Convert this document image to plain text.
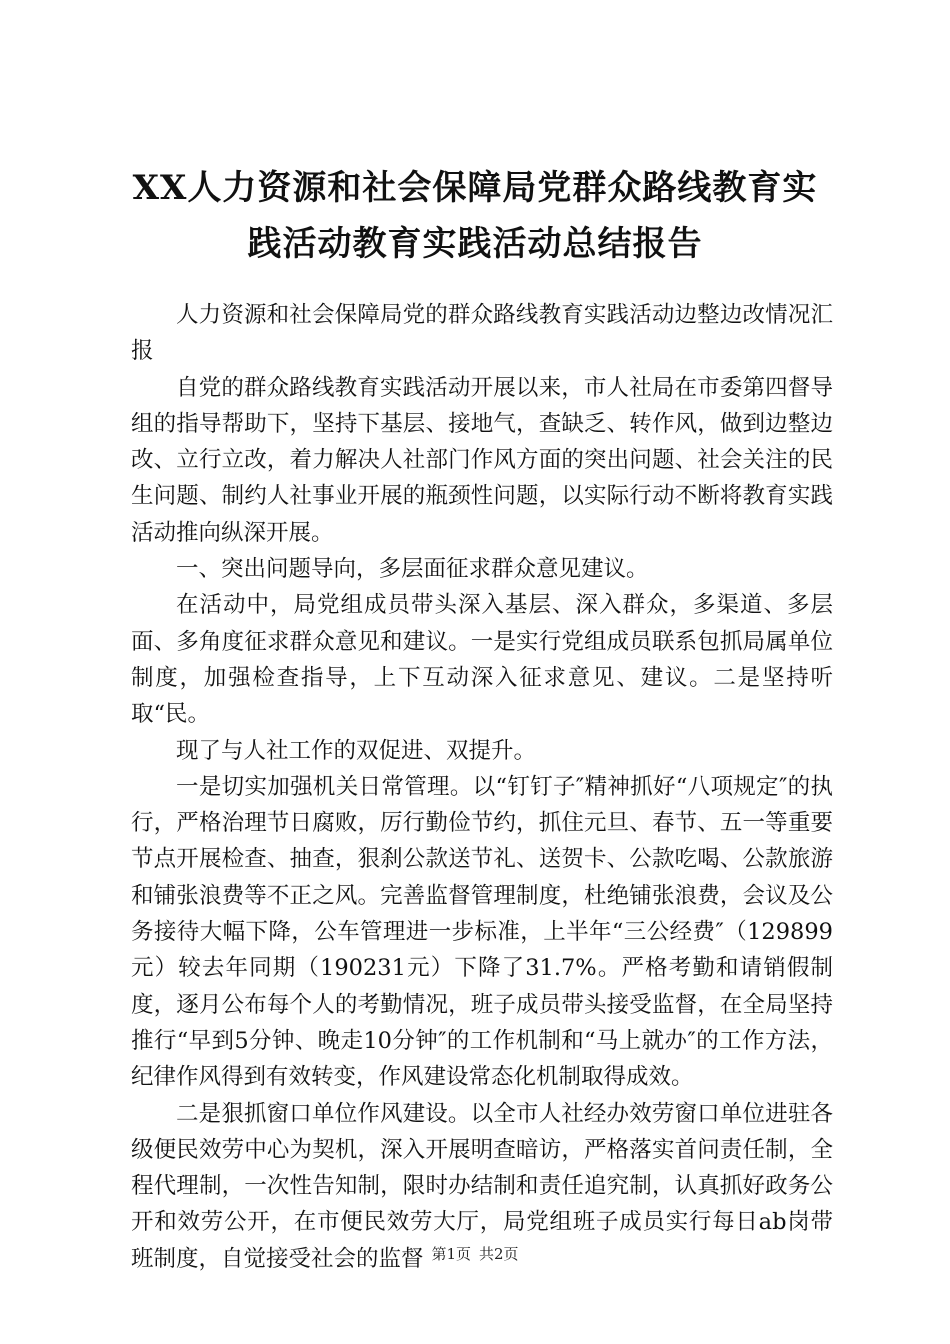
XX人力资源和社会保障局党群众路线教育实
践活动教育实践活动总结报告

人力资源和社会保障局党的群众路线教育实践活动边整边改情况汇报

自党的群众路线教育实践活动开展以来，市人社局在市委第四督导组的指导帮助下，坚持下基层、接地气，查缺乏、转作风，做到边整边改、立行立改，着力解决人社部门作风方面的突出问题、社会关注的民生问题、制约人社事业开展的瓶颈性问题，以实际行动不断将教育实践活动推向纵深开展。

一、突出问题导向，多层面征求群众意见建议。

在活动中，局党组成员带头深入基层、深入群众，多渠道、多层面、多角度征求群众意见和建议。一是实行党组成员联系包抓局属单位制度，加强检查指导，上下互动深入征求意见、建议。二是坚持听取“民。

现了与人社工作的双促进、双提升。

一是切实加强机关日常管理。以“钉钉子″精神抓好“八项规定″的执行，严格治理节日腐败，厉行勤俭节约，抓住元旦、春节、五一等重要节点开展检查、抽查，狠刹公款送节礼、送贺卡、公款吃喝、公款旅游和铺张浪费等不正之风。完善监督管理制度，杜绝铺张浪费，会议及公务接待大幅下降，公车管理进一步标准，上半年“三公经费″（129899元）较去年同期（190231元）下降了31.7%。严格考勤和请销假制度，逐月公布每个人的考勤情况，班子成员带头接受监督，在全局坚持推行“早到5分钟、晚走10分钟″的工作机制和“马上就办″的工作方法，纪律作风得到有效转变，作风建设常态化机制取得成效。

二是狠抓窗口单位作风建设。以全市人社经办效劳窗口单位进驻各级便民效劳中心为契机，深入开展明查暗访，严格落实首问责任制，全程代理制，一次性告知制，限时办结制和责任追究制，认真抓好政务公开和效劳公开，在市便民效劳大厅，局党组班子成员实行每日ab岗带班制度，自觉接受社会的监督 第1页 共2页
